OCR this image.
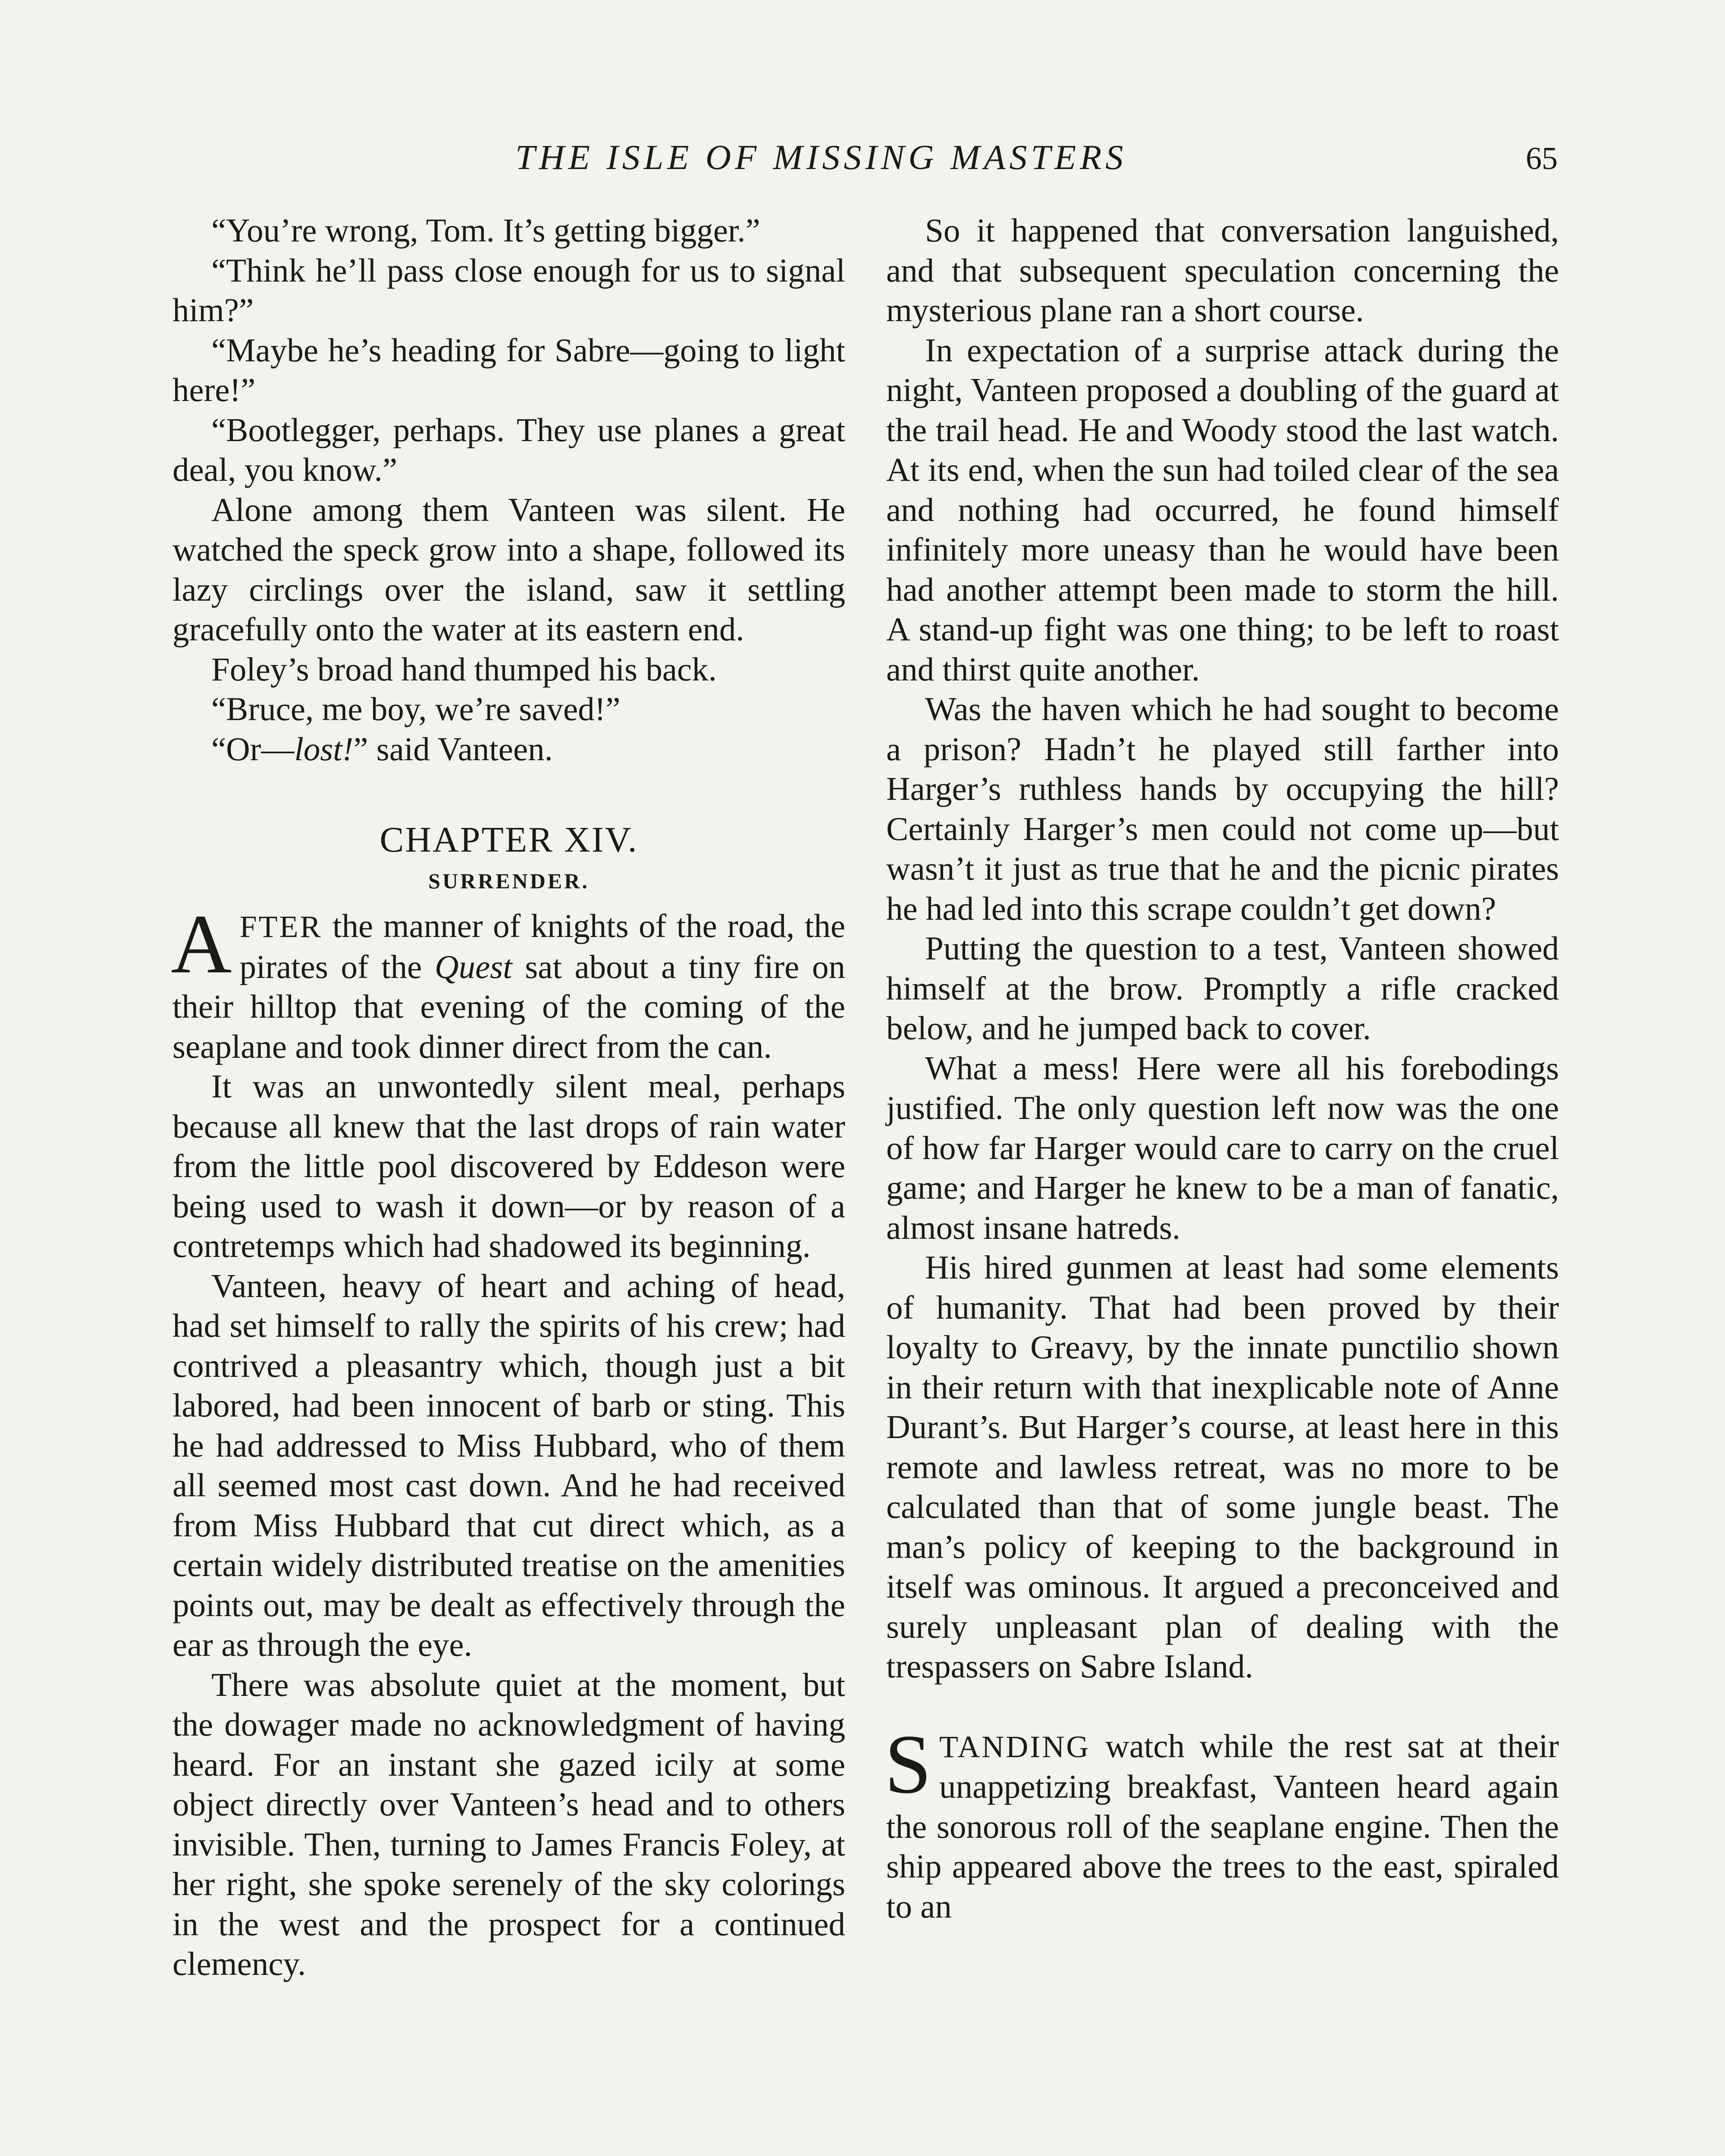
THE ISLE OF MISSING MASTERS	65

“You’re wrong, Tom. It’s getting bigger.”

“Think he’ll pass close enough for us to signal him?”

“Maybe he’s heading for Sabre—going to light here!”

“Bootlegger, perhaps. They use planes a great deal, you know.”

Alone among them Vanteen was silent. He watched the speck grow into a shape, followed its lazy circlings over the island, saw it settling gracefully onto the water at its eastern end.

Foley’s broad hand thumped his back.

“Bruce, me boy, we’re saved!”

“Or—lost!” said Vanteen.

CHAPTER XIV.
SURRENDER.

AFTER the manner of knights of the road, the pirates of the Quest sat about a tiny fire on their hilltop that evening of the coming of the seaplane and took dinner direct from the can.

It was an unwontedly silent meal, perhaps because all knew that the last drops of rain water from the little pool discovered by Eddeson were being used to wash it down—or by reason of a contretemps which had shadowed its beginning.

Vanteen, heavy of heart and aching of head, had set himself to rally the spirits of his crew; had contrived a pleasantry which, though just a bit labored, had been innocent of barb or sting. This he had addressed to Miss Hubbard, who of them all seemed most cast down. And he had received from Miss Hubbard that cut direct which, as a certain widely distributed treatise on the amenities points out, may be dealt as effectively through the ear as through the eye.

There was absolute quiet at the moment, but the dowager made no acknowledgment of having heard. For an instant she gazed icily at some object directly over Vanteen’s head and to others invisible. Then, turning to James Francis Foley, at her right, she spoke serenely of the sky colorings in the west and the prospect for a continued clemency.

So it happened that conversation languished, and that subsequent speculation concerning the mysterious plane ran a short course.

In expectation of a surprise attack during the night, Vanteen proposed a doubling of the guard at the trail head. He and Woody stood the last watch. At its end, when the sun had toiled clear of the sea and nothing had occurred, he found himself infinitely more uneasy than he would have been had another attempt been made to storm the hill. A stand-up fight was one thing; to be left to roast and thirst quite another.

Was the haven which he had sought to become a prison? Hadn’t he played still farther into Harger’s ruthless hands by occupying the hill? Certainly Harger’s men could not come up—but wasn’t it just as true that he and the picnic pirates he had led into this scrape couldn’t get down?

Putting the question to a test, Vanteen showed himself at the brow. Promptly a rifle cracked below, and he jumped back to cover.

What a mess! Here were all his forebodings justified. The only question left now was the one of how far Harger would care to carry on the cruel game; and Harger he knew to be a man of fanatic, almost insane hatreds.

His hired gunmen at least had some elements of humanity. That had been proved by their loyalty to Greavy, by the innate punctilio shown in their return with that inexplicable note of Anne Durant’s. But Harger’s course, at least here in this remote and lawless retreat, was no more to be calculated than that of some jungle beast. The man’s policy of keeping to the background in itself was ominous. It argued a preconceived and surely unpleasant plan of dealing with the trespassers on Sabre Island.

STANDING watch while the rest sat at their unappetizing breakfast, Vanteen heard again the sonorous roll of the seaplane engine. Then the ship appeared above the trees to the east, spiraled to an
